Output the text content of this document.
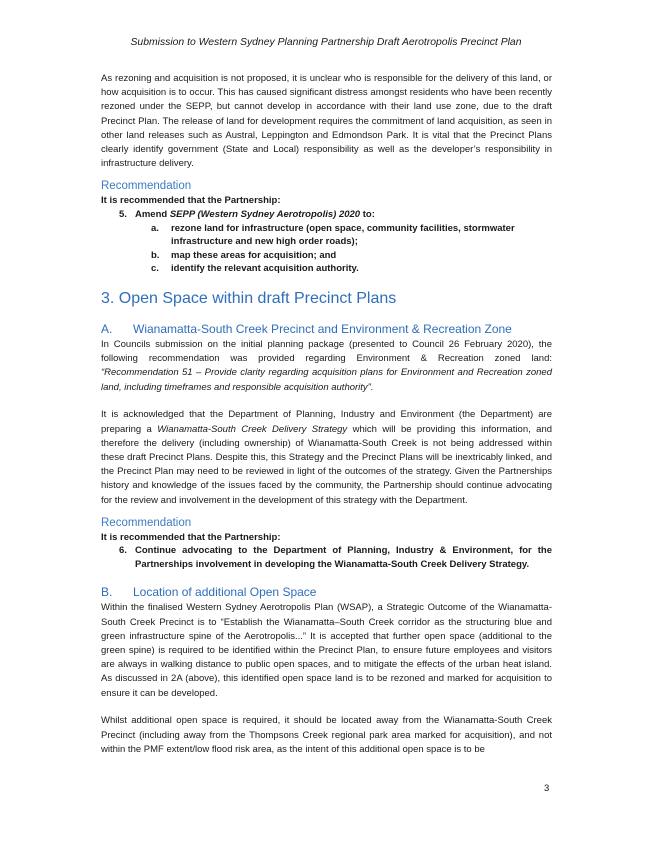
Submission to Western Sydney Planning Partnership Draft Aerotropolis Precinct Plan

As rezoning and acquisition is not proposed, it is unclear who is responsible for the delivery of this land, or how acquisition is to occur. This has caused significant distress amongst residents who have been recently rezoned under the SEPP, but cannot develop in accordance with their land use zone, due to the draft Precinct Plan. The release of land for development requires the commitment of land acquisition, as seen in other land releases such as Austral, Leppington and Edmondson Park. It is vital that the Precinct Plans clearly identify government (State and Local) responsibility as well as the developer’s responsibility in infrastructure delivery.

Recommendation
It is recommended that the Partnership:
5. Amend SEPP (Western Sydney Aerotropolis) 2020 to:
a.	rezone land for infrastructure (open space, community facilities, stormwater infrastructure and new high order roads);
b.	map these areas for acquisition; and
c.	identify the relevant acquisition authority.
3. Open Space within draft Precinct Plans
A.	Wianamatta-South Creek Precinct and Environment & Recreation Zone

In Councils submission on the initial planning package (presented to Council 26 February 2020), the following recommendation was provided regarding Environment & Recreation zoned land: “Recommendation 51 – Provide clarity regarding acquisition plans for Environment and Recreation zoned land, including timeframes and responsible acquisition authority”.

It is acknowledged that the Department of Planning, Industry and Environment (the Department) are preparing a Wianamatta-South Creek Delivery Strategy which will be providing this information, and therefore the delivery (including ownership) of Wianamatta-South Creek is not being addressed within these draft Precinct Plans. Despite this, this Strategy and the Precinct Plans will be inextricably linked, and the Precinct Plan may need to be reviewed in light of the outcomes of the strategy. Given the Partnerships history and knowledge of the issues faced by the community, the Partnership should continue advocating for the review and involvement in the development of this strategy with the Department.

Recommendation
It is recommended that the Partnership:
6. Continue advocating to the Department of Planning, Industry & Environment, for the Partnerships involvement in developing the Wianamatta-South Creek Delivery Strategy.
B.	Location of additional Open Space

Within the finalised Western Sydney Aerotropolis Plan (WSAP), a Strategic Outcome of the Wianamatta-South Creek Precinct is to “Establish the Wianamatta–South Creek corridor as the structuring blue and green infrastructure spine of the Aerotropolis...” It is accepted that further open space (additional to the green spine) is required to be identified within the Precinct Plan, to ensure future employees and visitors are always in walking distance to public open spaces, and to mitigate the effects of the urban heat island. As discussed in 2A (above), this identified open space land is to be rezoned and marked for acquisition to ensure it can be developed.

Whilst additional open space is required, it should be located away from the Wianamatta-South Creek Precinct (including away from the Thompsons Creek regional park area marked for acquisition), and not within the PMF extent/low flood risk area, as the intent of this additional open space is to be

3
